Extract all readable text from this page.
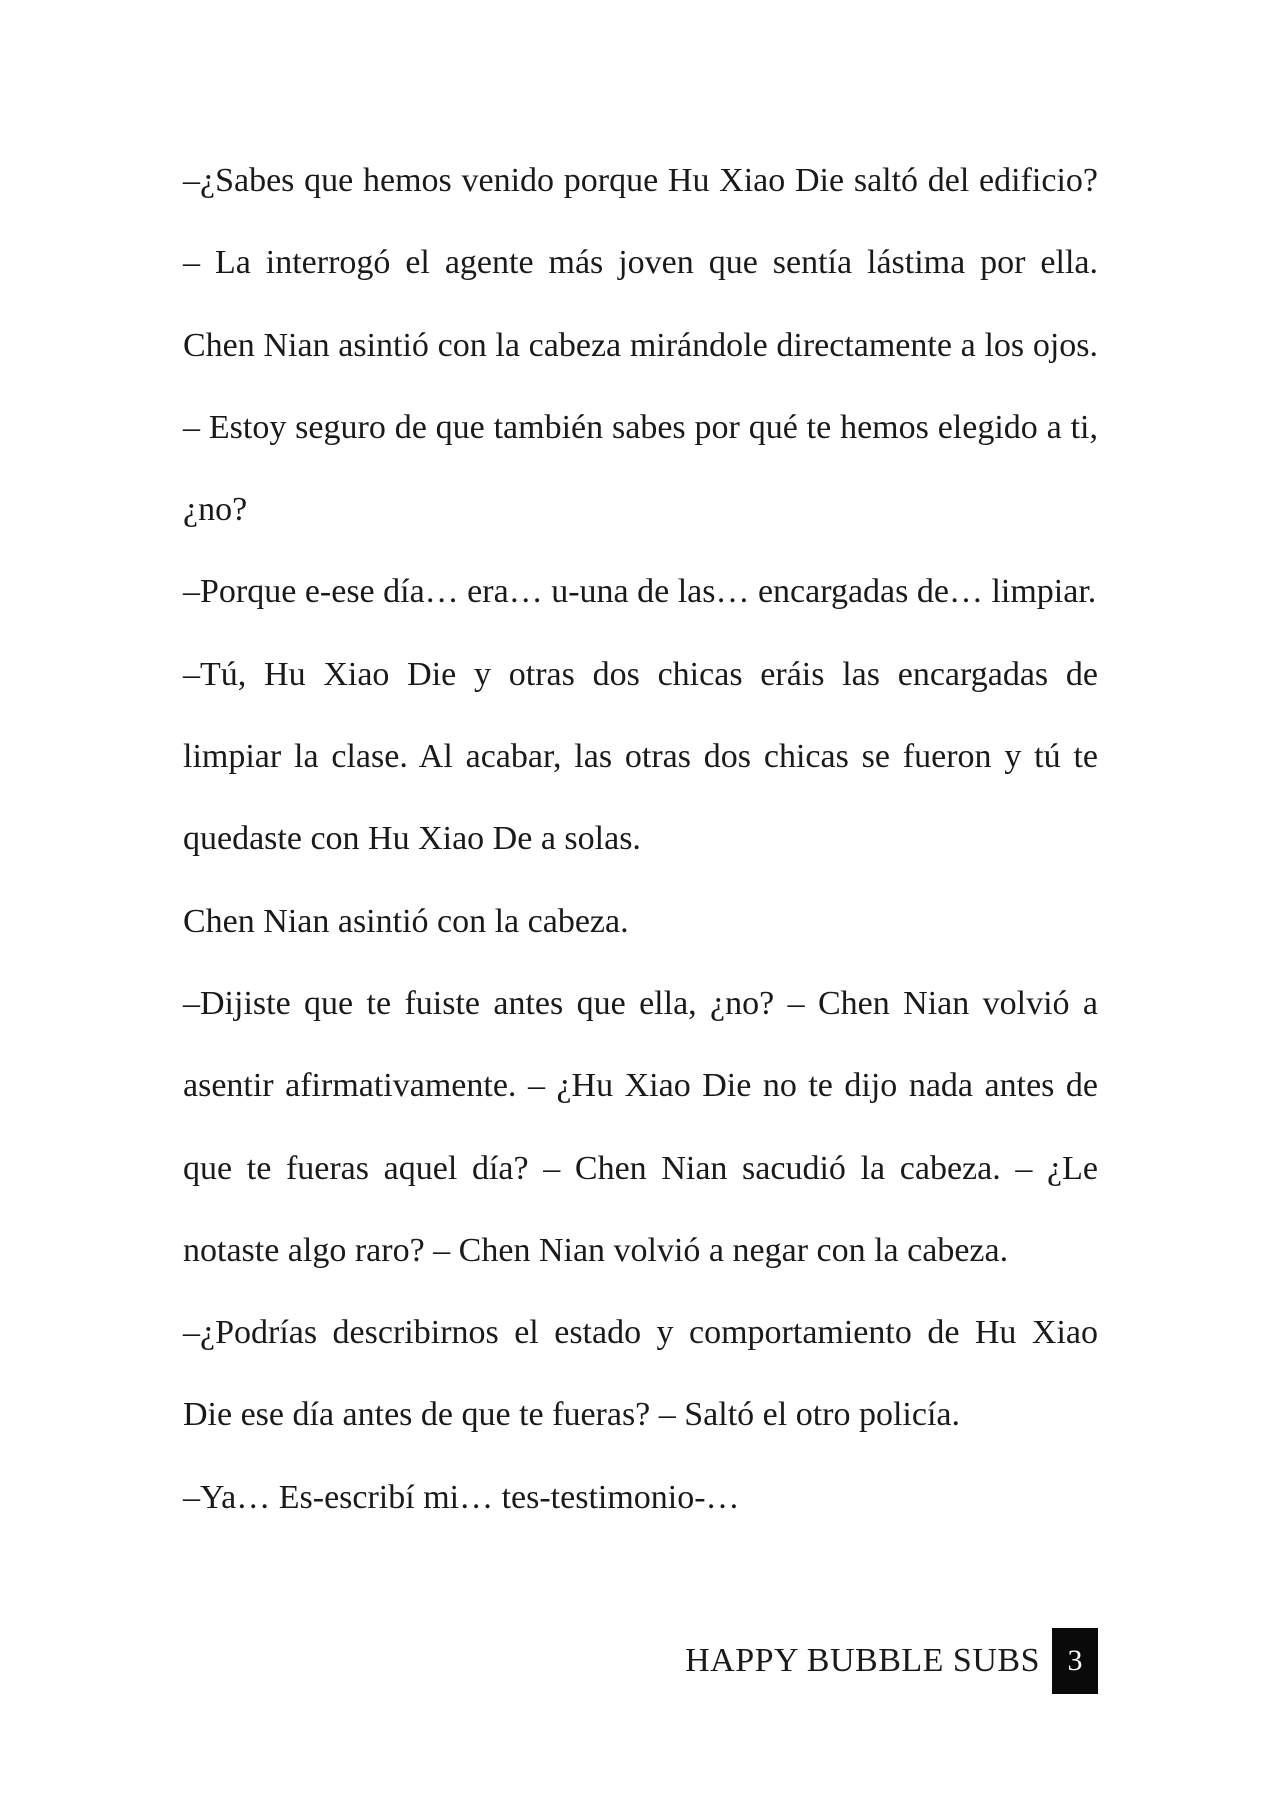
–¿Sabes que hemos venido porque Hu Xiao Die saltó del edificio? – La interrogó el agente más joven que sentía lástima por ella. Chen Nian asintió con la cabeza mirándole directamente a los ojos. – Estoy seguro de que también sabes por qué te hemos elegido a ti, ¿no?

–Porque e-ese día… era… u-una de las… encargadas de… limpiar.

–Tú, Hu Xiao Die y otras dos chicas eráis las encargadas de limpiar la clase. Al acabar, las otras dos chicas se fueron y tú te quedaste con Hu Xiao De a solas.

Chen Nian asintió con la cabeza.

–Dijiste que te fuiste antes que ella, ¿no? – Chen Nian volvió a asentir afirmativamente. – ¿Hu Xiao Die no te dijo nada antes de que te fueras aquel día? – Chen Nian sacudió la cabeza. – ¿Le notaste algo raro? – Chen Nian volvió a negar con la cabeza.

–¿Podrías describirnos el estado y comportamiento de Hu Xiao Die ese día antes de que te fueras? – Saltó el otro policía.

–Ya… Es-escribí mi… tes-testimonio-…

HAPPY BUBBLE SUBS 3
